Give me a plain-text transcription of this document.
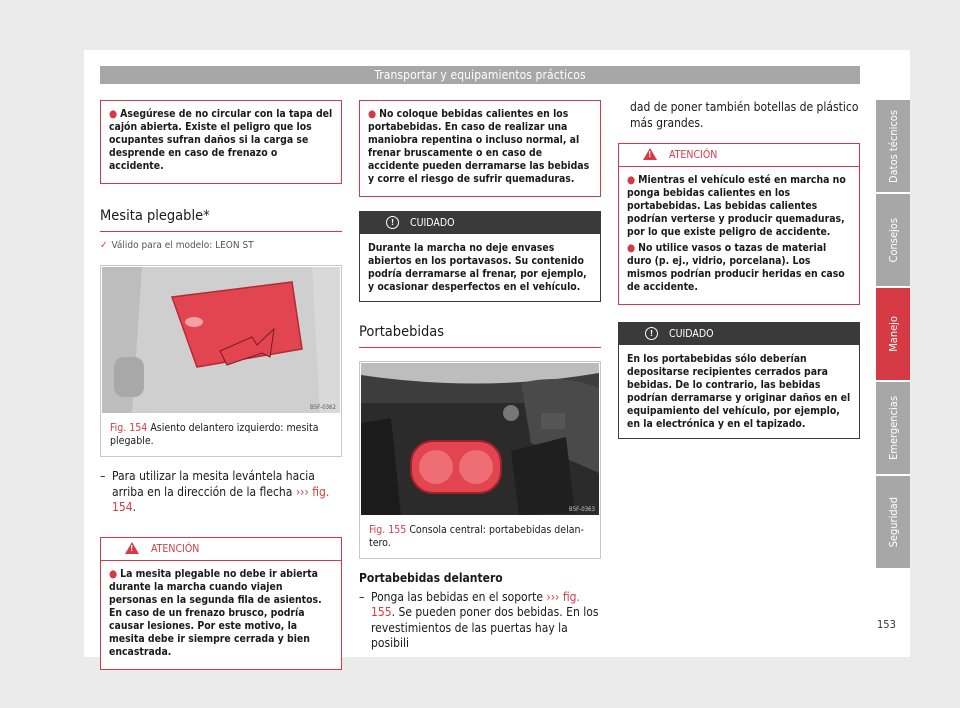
Transportar y equipamientos prácticos

● Asegúrese de no circular con la tapa del cajón abierta. Existe el peligro que los ocupantes sufran daños si la carga se desprende en caso de frenazo o accidente.

Mesita plegable*
✓ Válido para el modelo: LEON ST
B5F-0362
Fig. 154 Asiento delantero izquierdo: mesita plegable.
– Para utilizar la mesita levántela hacia arriba en la dirección de la flecha ››› fig. 154.
!
ATENCIÓN

● La mesita plegable no debe ir abierta durante la marcha cuando viajen personas en la segunda fila de asientos. En caso de un frenazo brusco, podría causar lesiones. Por este motivo, la mesita debe ir siempre cerrada y bien encastrada.

● No coloque bebidas calientes en los portabebidas. En caso de realizar una maniobra repentina o incluso normal, al frenar bruscamente o en caso de accidente pueden derramarse las bebidas y corre el riesgo de sufrir quemaduras.

!	CUIDADO
Durante la marcha no deje envases abiertos en los portavasos. Su contenido podría derramarse al frenar, por ejemplo, y ocasionar desperfectos en el vehículo.
Portabebidas
B5F-0363
Fig. 155 Consola central: portabebidas delantero.
Portabebidas delantero
– Ponga las bebidas en el soporte ››› fig. 155. Se pueden poner dos bebidas. En los revestimientos de las puertas hay la posibili
dad de poner también botellas de plástico más grandes.
!
ATENCIÓN

● Mientras el vehículo esté en marcha no ponga bebidas calientes en los portabebidas. Las bebidas calientes podrían verterse y producir quemaduras, por lo que existe peligro de accidente.

● No utilice vasos o tazas de material duro (p. ej., vidrio, porcelana). Los mismos podrían producir heridas en caso de accidente.

!	CUIDADO
En los portabebidas sólo deberían depositarse recipientes cerrados para bebidas. De lo contrario, las bebidas podrían derramarse y originar daños en el equipamiento del vehículo, por ejemplo, en la electrónica y en el tapizado.
Datos técnicos
Consejos
Manejo
Emergencias
Seguridad
153
